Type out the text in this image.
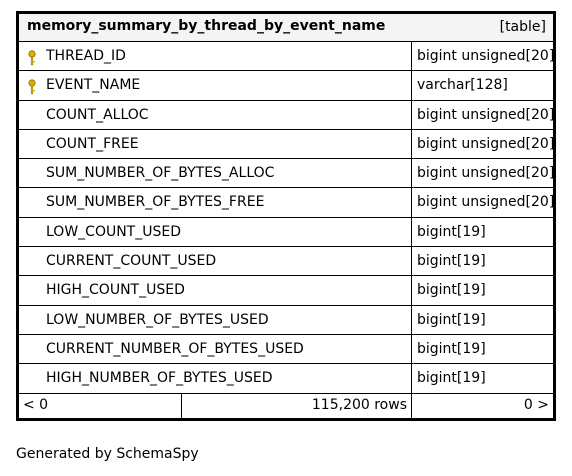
memory_summary_by_thread_by_event_name	[table]
THREAD_ID	bigint unsigned[20]
EVENT_NAME	varchar[128]
COUNT_ALLOC	bigint unsigned[20]
COUNT_FREE	bigint unsigned[20]
SUM_NUMBER_OF_BYTES_ALLOC	bigint unsigned[20]
SUM_NUMBER_OF_BYTES_FREE	bigint unsigned[20]
LOW_COUNT_USED	bigint[19]
CURRENT_COUNT_USED	bigint[19]
HIGH_COUNT_USED	bigint[19]
LOW_NUMBER_OF_BYTES_USED	bigint[19]
CURRENT_NUMBER_OF_BYTES_USED	bigint[19]
HIGH_NUMBER_OF_BYTES_USED	bigint[19]
< 0	115,200 rows	0 >
Generated by SchemaSpy
